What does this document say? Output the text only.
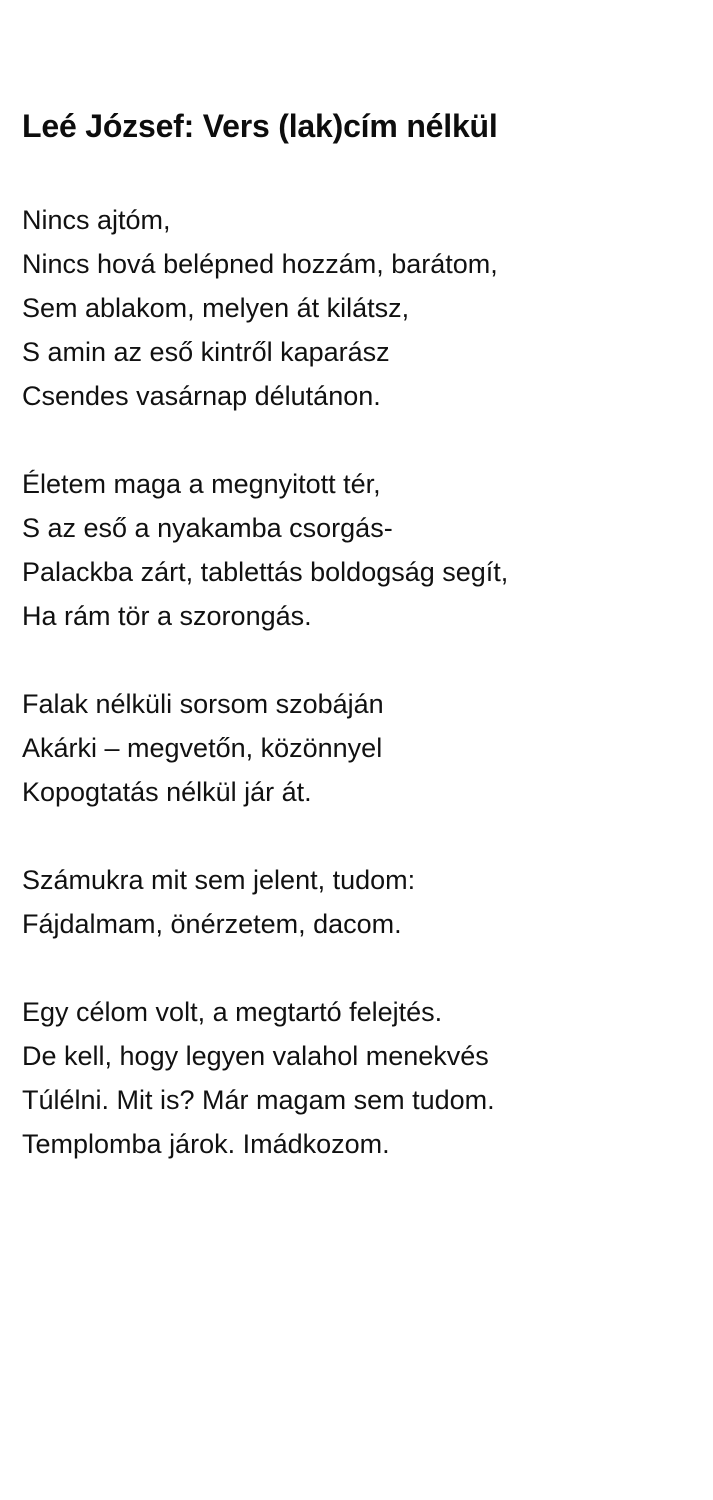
Leé József: Vers (lak)cím nélkül
Nincs ajtóm,
Nincs hová belépned hozzám, barátom,
Sem ablakom, melyen át kilátsz,
S amin az eső kintről kaparász
Csendes vasárnap délutánon.
Életem maga a megnyitott tér,
S az eső a nyakamba csorgás-
Palackba zárt, tablettás boldogság segít,
Ha rám tör a szorongás.
Falak nélküli sorsom szobáján
Akárki – megvetőn, közönnyel
Kopogtatás nélkül jár át.
Számukra mit sem jelent, tudom:
Fájdalmam, önérzetem, dacom.
Egy célom volt, a megtartó felejtés.
De kell, hogy legyen valahol menekvés
Túlélni. Mit is? Már magam sem tudom.
Templomba járok. Imádkozom.
